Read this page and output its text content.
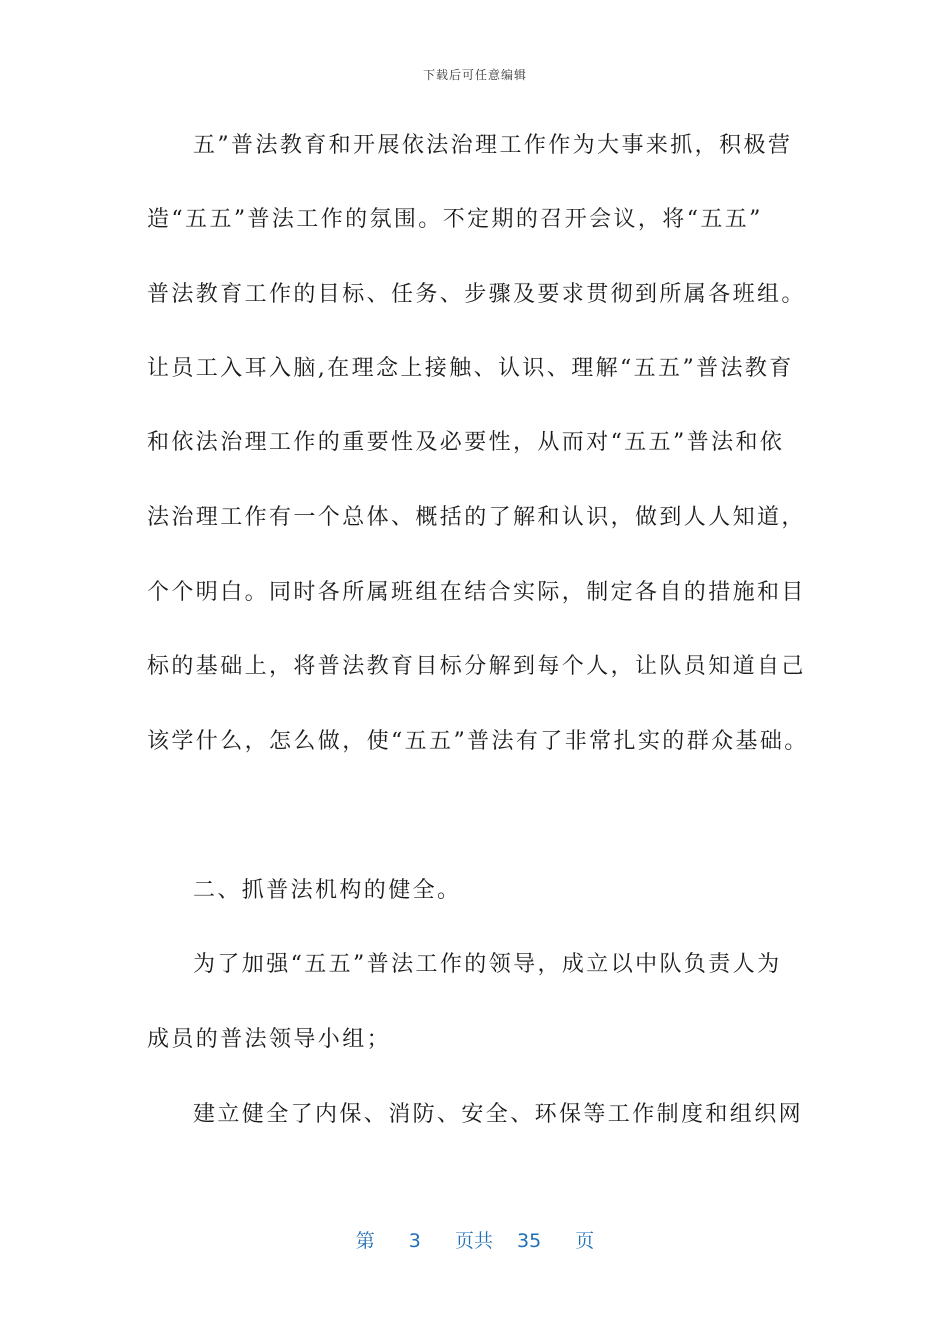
下载后可任意编辑
五”普法教育和开展依法治理工作作为大事来抓，积极营
造“五五”普法工作的氛围。不定期的召开会议，将“五五”
普法教育工作的目标、任务、步骤及要求贯彻到所属各班组。
让员工入耳入脑,在理念上接触、认识、理解“五五”普法教育
和依法治理工作的重要性及必要性，从而对“五五”普法和依
法治理工作有一个总体、概括的了解和认识，做到人人知道，
个个明白。同时各所属班组在结合实际，制定各自的措施和目
标的基础上，将普法教育目标分解到每个人，让队员知道自己
该学什么，怎么做，使“五五”普法有了非常扎实的群众基础。
二、抓普法机构的健全。
为了加强“五五”普法工作的领导，成立以中队负责人为
成员的普法领导小组；
建立健全了内保、消防、安全、环保等工作制度和组织网
第 3 页共 35 页
